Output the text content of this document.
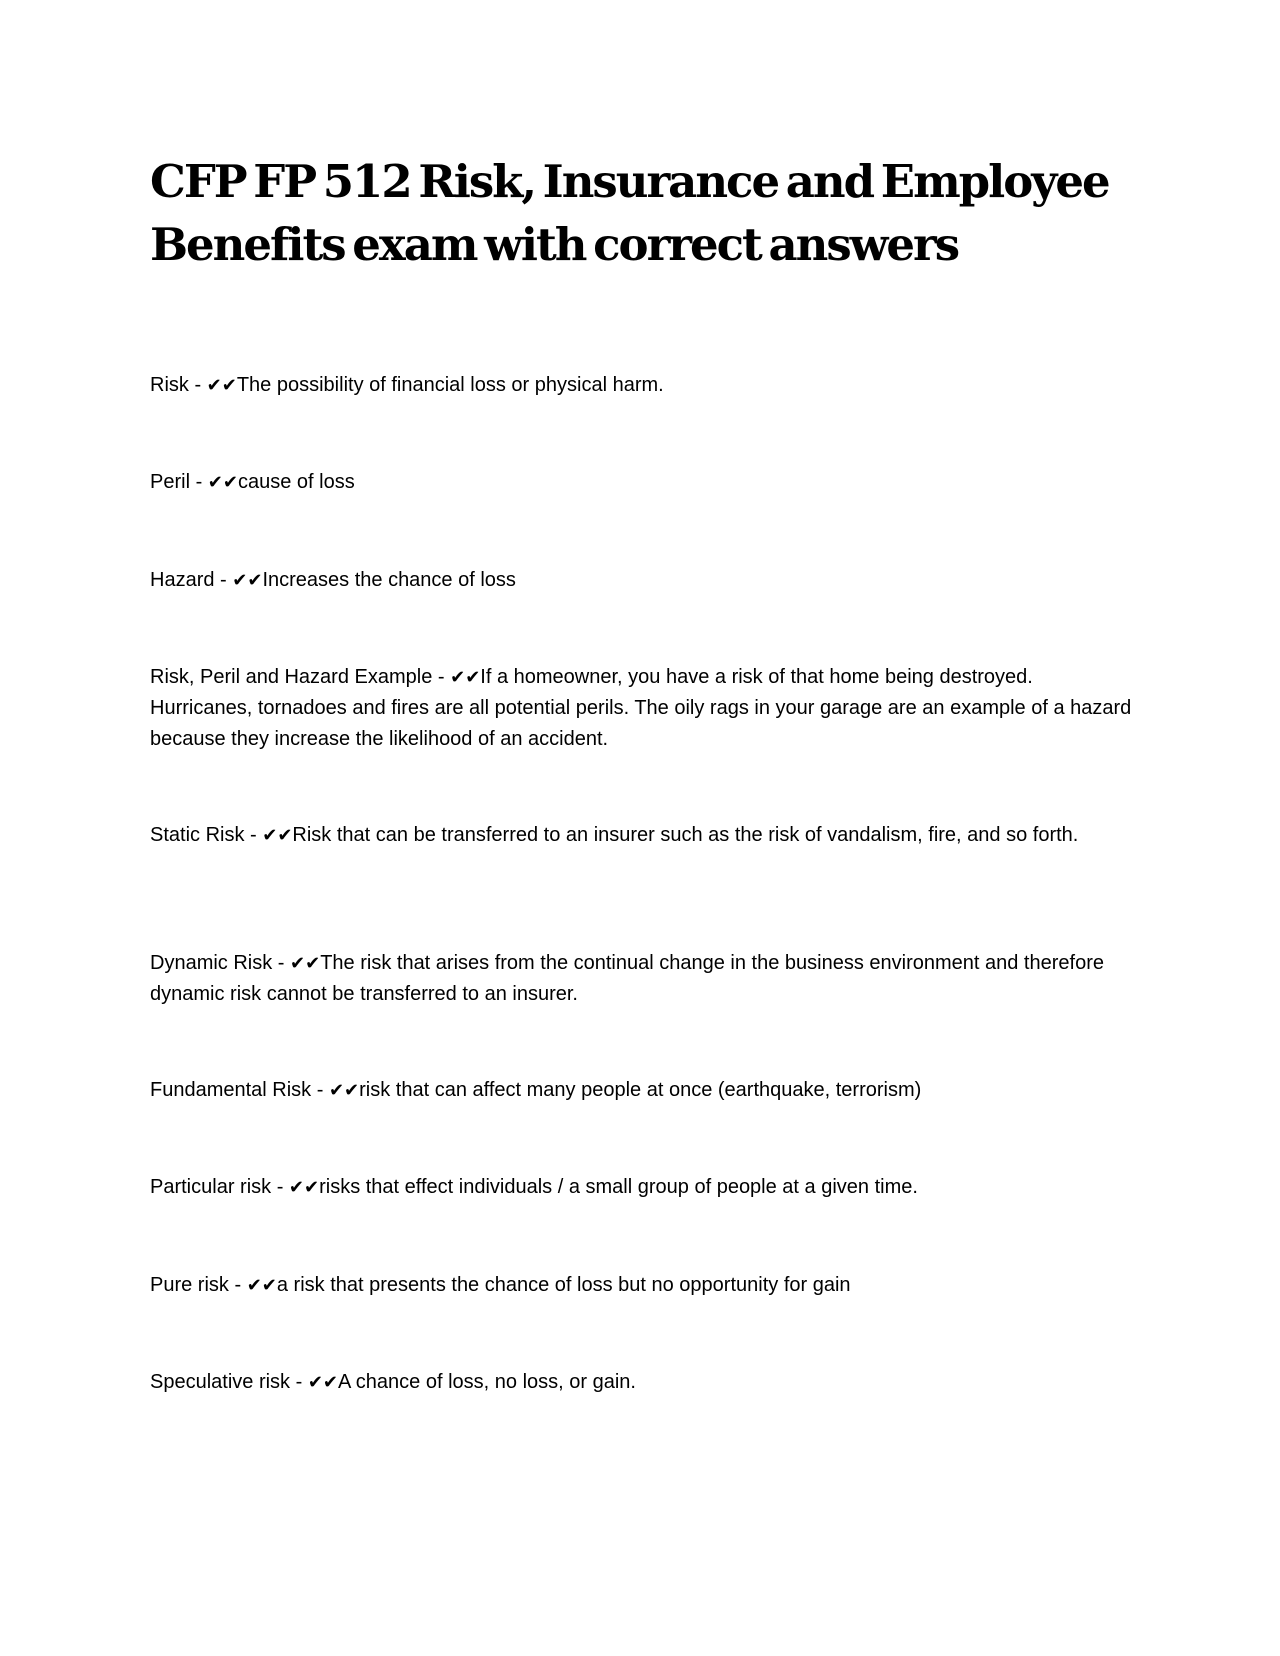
CFP FP 512 Risk, Insurance and Employee Benefits exam with correct answers

Risk - ✔✔The possibility of financial loss or physical harm.

Peril - ✔✔cause of loss

Hazard - ✔✔Increases the chance of loss

Risk, Peril and Hazard Example - ✔✔If a homeowner, you have a risk of that home being destroyed. Hurricanes, tornadoes and fires are all potential perils. The oily rags in your garage are an example of a hazard because they increase the likelihood of an accident.

Static Risk - ✔✔Risk that can be transferred to an insurer such as the risk of vandalism, fire, and so forth.

Dynamic Risk - ✔✔The risk that arises from the continual change in the business environment and therefore dynamic risk cannot be transferred to an insurer.

Fundamental Risk - ✔✔risk that can affect many people at once (earthquake, terrorism)

Particular risk - ✔✔risks that effect individuals / a small group of people at a given time.

Pure risk - ✔✔a risk that presents the chance of loss but no opportunity for gain

Speculative risk - ✔✔A chance of loss, no loss, or gain.
